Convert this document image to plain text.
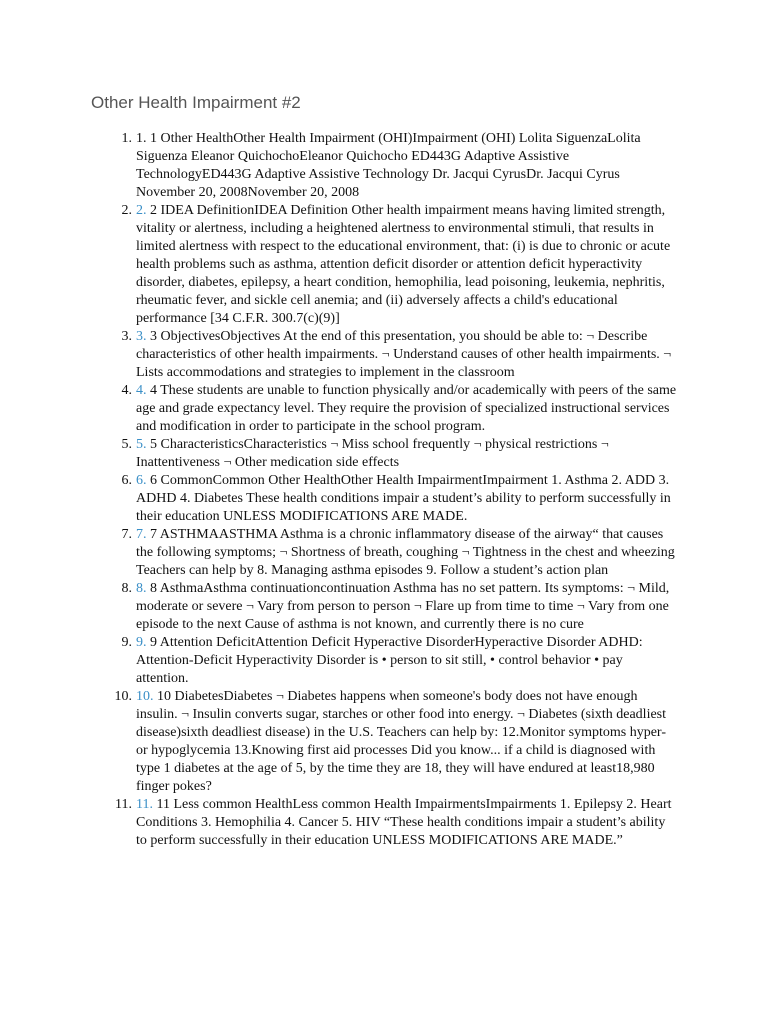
Other Health Impairment #2
1. 1. 1 Other HealthOther Health Impairment (OHI)Impairment (OHI) Lolita SiguenzaLolita Siguenza Eleanor QuichochoEleanor Quichocho ED443G Adaptive Assistive TechnologyED443G Adaptive Assistive Technology Dr. Jacqui CyrusDr. Jacqui Cyrus November 20, 2008November 20, 2008
2. 2. 2 IDEA DefinitionIDEA Definition Other health impairment means having limited strength, vitality or alertness, including a heightened alertness to environmental stimuli, that results in limited alertness with respect to the educational environment, that: (i) is due to chronic or acute health problems such as asthma, attention deficit disorder or attention deficit hyperactivity disorder, diabetes, epilepsy, a heart condition, hemophilia, lead poisoning, leukemia, nephritis, rheumatic fever, and sickle cell anemia; and (ii) adversely affects a child's educational performance [34 C.F.R. 300.7(c)(9)]
3. 3. 3 ObjectivesObjectives At the end of this presentation, you should be able to: ¬ Describe characteristics of other health impairments. ¬ Understand causes of other health impairments. ¬ Lists accommodations and strategies to implement in the classroom
4. 4. 4 These students are unable to function physically and/or academically with peers of the same age and grade expectancy level. They require the provision of specialized instructional services and modification in order to participate in the school program.
5. 5. 5 CharacteristicsCharacteristics ¬ Miss school frequently ¬ physical restrictions ¬ Inattentiveness ¬ Other medication side effects
6. 6. 6 CommonCommon Other HealthOther Health ImpairmentImpairment 1. Asthma 2. ADD 3. ADHD 4. Diabetes These health conditions impair a student’s ability to perform successfully in their education UNLESS MODIFICATIONS ARE MADE.
7. 7. 7 ASTHMAASTHMA Asthma is a chronic inflammatory disease of the airway“ that causes the following symptoms; ¬ Shortness of breath, coughing ¬ Tightness in the chest and wheezing Teachers can help by 8. Managing asthma episodes 9. Follow a student’s action plan
8. 8. 8 AsthmaAsthma continuationcontinuation Asthma has no set pattern. Its symptoms: ¬ Mild, moderate or severe ¬ Vary from person to person ¬ Flare up from time to time ¬ Vary from one episode to the next Cause of asthma is not known, and currently there is no cure
9. 9. 9 Attention DeficitAttention Deficit Hyperactive DisorderHyperactive Disorder ADHD: Attention-Deficit Hyperactivity Disorder is • person to sit still, • control behavior • pay attention.
10. 10. 10 DiabetesDiabetes ¬ Diabetes happens when someone's body does not have enough insulin. ¬ Insulin converts sugar, starches or other food into energy. ¬ Diabetes (sixth deadliest disease)sixth deadliest disease) in the U.S. Teachers can help by: 12.Monitor symptoms hyper- or hypoglycemia 13.Knowing first aid processes Did you know... if a child is diagnosed with type 1 diabetes at the age of 5, by the time they are 18, they will have endured at least18,980 finger pokes?
11. 11. 11 Less common HealthLess common Health ImpairmentsImpairments 1. Epilepsy 2. Heart Conditions 3. Hemophilia 4. Cancer 5. HIV “These health conditions impair a student’s ability to perform successfully in their education UNLESS MODIFICATIONS ARE MADE.”
